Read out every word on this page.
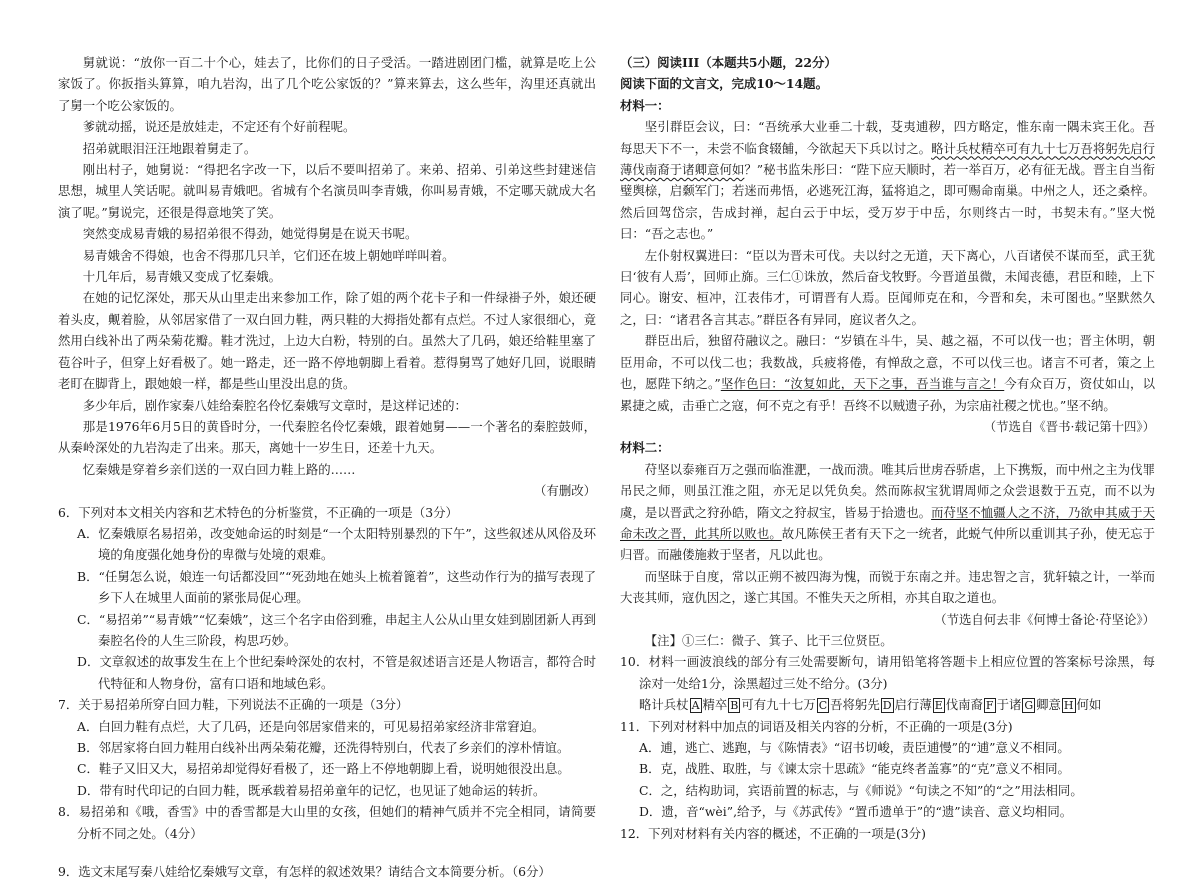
舅就说：“放你一百二十个心，娃去了，比你们的日子受活。一踏进剧团门槛，就算是吃上公家饭了。你扳指头算算，咱九岩沟，出了几个吃公家饭的？”算来算去，这么些年，沟里还真就出了舅一个吃公家饭的。

爹就动摇，说还是放娃走，不定还有个好前程呢。

招弟就眼泪汪汪地跟着舅走了。

刚出村子，她舅说：“得把名字改一下，以后不要叫招弟了。来弟、招弟、引弟这些封建迷信思想，城里人笑话呢。就叫易青娥吧。省城有个名演员叫李青娥，你叫易青娥，不定哪天就成大名演了呢。”舅说完，还很是得意地笑了笑。

突然变成易青娥的易招弟很不得劲，她觉得舅是在说天书呢。

易青娥舍不得娘，也舍不得那几只羊，它们还在坡上朝她咩咩叫着。

十几年后，易青娥又变成了忆秦娥。

在她的记忆深处，那天从山里走出来参加工作，除了姐的两个花卡子和一件绿褂子外，娘还硬着头皮，觍着脸，从邻居家借了一双白回力鞋，两只鞋的大拇指处都有点烂。不过人家很细心，竟然用白线补出了两朵菊花瓣。鞋才洗过，上边大白粉，特别的白。虽然大了几码，娘还给鞋里塞了苞谷叶子，但穿上好看极了。她一路走，还一路不停地朝脚上看着。惹得舅骂了她好几回，说眼睛老盯在脚背上，跟她娘一样，都是些山里没出息的货。

多少年后，剧作家秦八娃给秦腔名伶忆秦娥写文章时，是这样记述的：

那是1976年6月5日的黄昏时分，一代秦腔名伶忆秦娥，跟着她舅——一个著名的秦腔鼓师，从秦岭深处的九岩沟走了出来。那天，离她十一岁生日，还差十九天。

忆秦娥是穿着乡亲们送的一双白回力鞋上路的……

（有删改）

6．下列对本文相关内容和艺术特色的分析鉴赏，不正确的一项是（3分）

A．忆秦娥原名易招弟，改变她命运的时刻是“一个太阳特别暴烈的下午”，这些叙述从风俗及环境的角度强化她身份的卑微与处境的艰难。

B．“任舅怎么说，娘连一句话都没回”“死劲地在她头上梳着篦着”，这些动作行为的描写表现了乡下人在城里人面前的紧张局促心理。

C．“易招弟”“易青娥”“忆秦娥”，这三个名字由俗到雅，串起主人公从山里女娃到剧团新人再到秦腔名伶的人生三阶段，构思巧妙。

D．文章叙述的故事发生在上个世纪秦岭深处的农村，不管是叙述语言还是人物语言，都符合时代特征和人物身份，富有口语和地域色彩。

7．关于易招弟所穿白回力鞋，下列说法不正确的一项是（3分）

A．白回力鞋有点烂，大了几码，还是向邻居家借来的，可见易招弟家经济非常窘迫。

B．邻居家将白回力鞋用白线补出两朵菊花瓣，还洗得特别白，代表了乡亲们的淳朴情谊。

C．鞋子又旧又大，易招弟却觉得好看极了，还一路上不停地朝脚上看，说明她很没出息。

D．带有时代印记的白回力鞋，既承载着易招弟童年的记忆，也见证了她命运的转折。

8．易招弟和《哦，香雪》中的香雪都是大山里的女孩，但她们的精神气质并不完全相同，请简要分析不同之处。（4分）

9．选文末尾写秦八娃给忆秦娥写文章，有怎样的叙述效果？请结合文本简要分析。（6分）

（三）阅读III（本题共5小题，22分）

阅读下面的文言文，完成10～14题。

材料一：

坚引群臣会议，曰：“吾统承大业垂二十载，芟夷逋秽，四方略定，惟东南一隅未宾王化。吾每思天下不一，未尝不临食辍餔，今欲起天下兵以讨之。略计兵杖精卒可有九十七万吾将躬先启行薄伐南裔于诸卿意何如？”秘书监朱彤曰：“陛下应天顺时，若一举百万，必有征无战。晋主自当衔璧舆榇，启颡军门；若迷而弗悟，必逃死江海，猛将追之，即可赐命南巢。中州之人，还之桑梓。然后回驾岱宗，告成封禅，起白云于中坛，受万岁于中岳，尔则终古一时，书契未有。”坚大悦曰：“吾之志也。”

左仆射权翼进曰：“臣以为晋未可伐。夫以纣之无道，天下离心，八百诸侯不谋而至，武王犹曰‘彼有人焉’，回师止旆。三仁①诛放，然后奋戈牧野。今晋道虽微，未闻丧德，君臣和睦，上下同心。谢安、桓冲，江表伟才，可谓晋有人焉。臣闻师克在和，今晋和矣，未可图也。”坚默然久之，曰：“诸君各言其志。”群臣各有异同，庭议者久之。

群臣出后，独留苻融议之。融曰：“岁镇在斗牛，吴、越之福，不可以伐一也；晋主休明，朝臣用命，不可以伐二也；我数战，兵疲将倦，有惮敌之意，不可以伐三也。诸言不可者，策之上也，愿陛下纳之。”坚作色曰：“汝复如此，天下之事，吾当谁与言之！今有众百万，资仗如山，以累捷之威，击垂亡之寇，何不克之有乎！吾终不以贼遗子孙，为宗庙社稷之忧也。”坚不纳。

（节选自《晋书·载记第十四》）

材料二：

苻坚以泰雍百万之强而临淮淝，一战而溃。唯其后世虏吞骄虐，上下携叛，而中州之主为伐罪吊民之师，则虽江淮之阻，亦无足以凭负矣。然而陈叔宝犹谓周师之众尝退数于五克，而不以为虞，是以晋武之狩孙皓，隋文之狩叔宝，皆易于拾遗也。而苻坚不恤疆人之不济，乃欲申其威于天命未改之晋，此其所以败也。故凡陈侯王者有天下之一统者，此蜕气仲所以重训其子孙，使无忘于归晋。而融偻施救于坚者，凡以此也。

而坚昧于自度，常以正朔不被四海为愧，而锐于东南之并。违忠智之言，犹轩辕之计，一举而大丧其师，寇仇因之，遂亡其国。不惟失天之所相，亦其自取之道也。

（节选自何去非《何博士备论·苻坚论》）

【注】①三仁：微子、箕子、比干三位贤臣。

10．材料一画波浪线的部分有三处需要断句，请用铅笔将答题卡上相应位置的答案标号涂黑，每涂对一处给1分，涂黑超过三处不给分。(3分)

略计兵杖 A 精卒 B 可有九十七万 C 吾将躬先 D 启行薄 E 伐南裔 F 于诸 G 卿意 H 何如

11．下列对材料中加点的词语及相关内容的分析，不正确的一项是(3分)

A．逋，逃亡、逃跑，与《陈情表》“诏书切峻，责臣逋慢”的“逋”意义不相同。

B．克，战胜、取胜，与《谏太宗十思疏》“能克终者盖寡”的“克”意义不相同。

C．之，结构助词，宾语前置的标志，与《师说》“句读之不知”的“之”用法相同。

D．遗，音“wèi”,给予，与《苏武传》“置币遗单于”的“遗”读音、意义均相同。

12．下列对材料有关内容的概述，不正确的一项是(3分)
